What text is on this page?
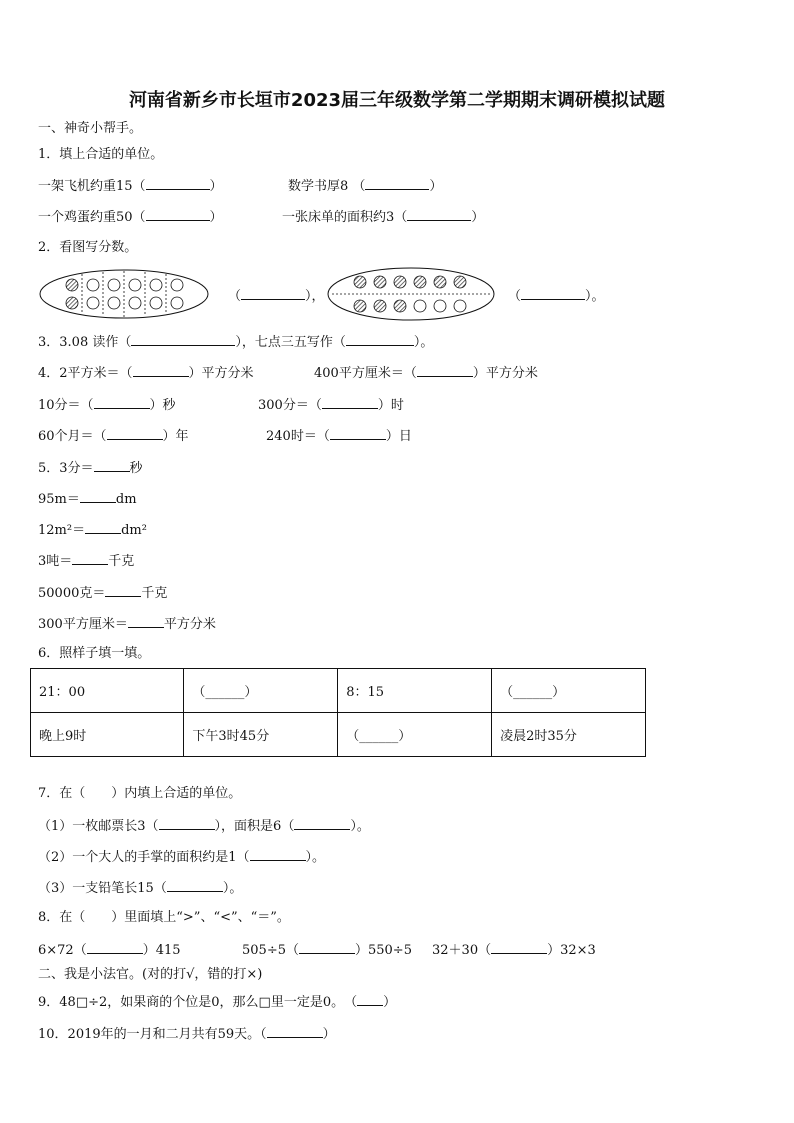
河南省新乡市长垣市2023届三年级数学第二学期期末调研模拟试题
一、神奇小帮手。
1．填上合适的单位。
一架飞机约重15（	）	数学书厚8 （	）
一个鸡蛋约重50（	）	一张床单的面积约3（	）
2．看图写分数。
（	），	（	）。
3．3.08 读作（	），七点三五写作（	）。
4．2平方米＝（	）平方分米	400平方厘米＝（	）平方分米
10分＝（	）秒	300分＝（	）时
60个月＝（	）年	240时＝（	）日
5．3分＝	秒
95m＝	dm
12m²＝	dm²
3吨＝	千克
50000克＝	千克
300平方厘米＝	平方分米
6．照样子填一填。
21：00	（______）	8：15	（______）
晚上9时	下午3时45分	（______）	凌晨2时35分
7．在（　　）内填上合适的单位。
（1）一枚邮票长3（	），面积是6（	）。
（2）一个大人的手掌的面积约是1（	）。
（3）一支铅笔长15（	）。
8．在（　　）里面填上“>”、“<”、“＝”。
6×72（	）415	505÷5（	）550÷5 32＋30（	）32×3
二、我是小法官。(对的打√，错的打×)
9．48□÷2，如果商的个位是0，那么□里一定是0。　（ ）
10．2019年的一月和二月共有59天。（	）
